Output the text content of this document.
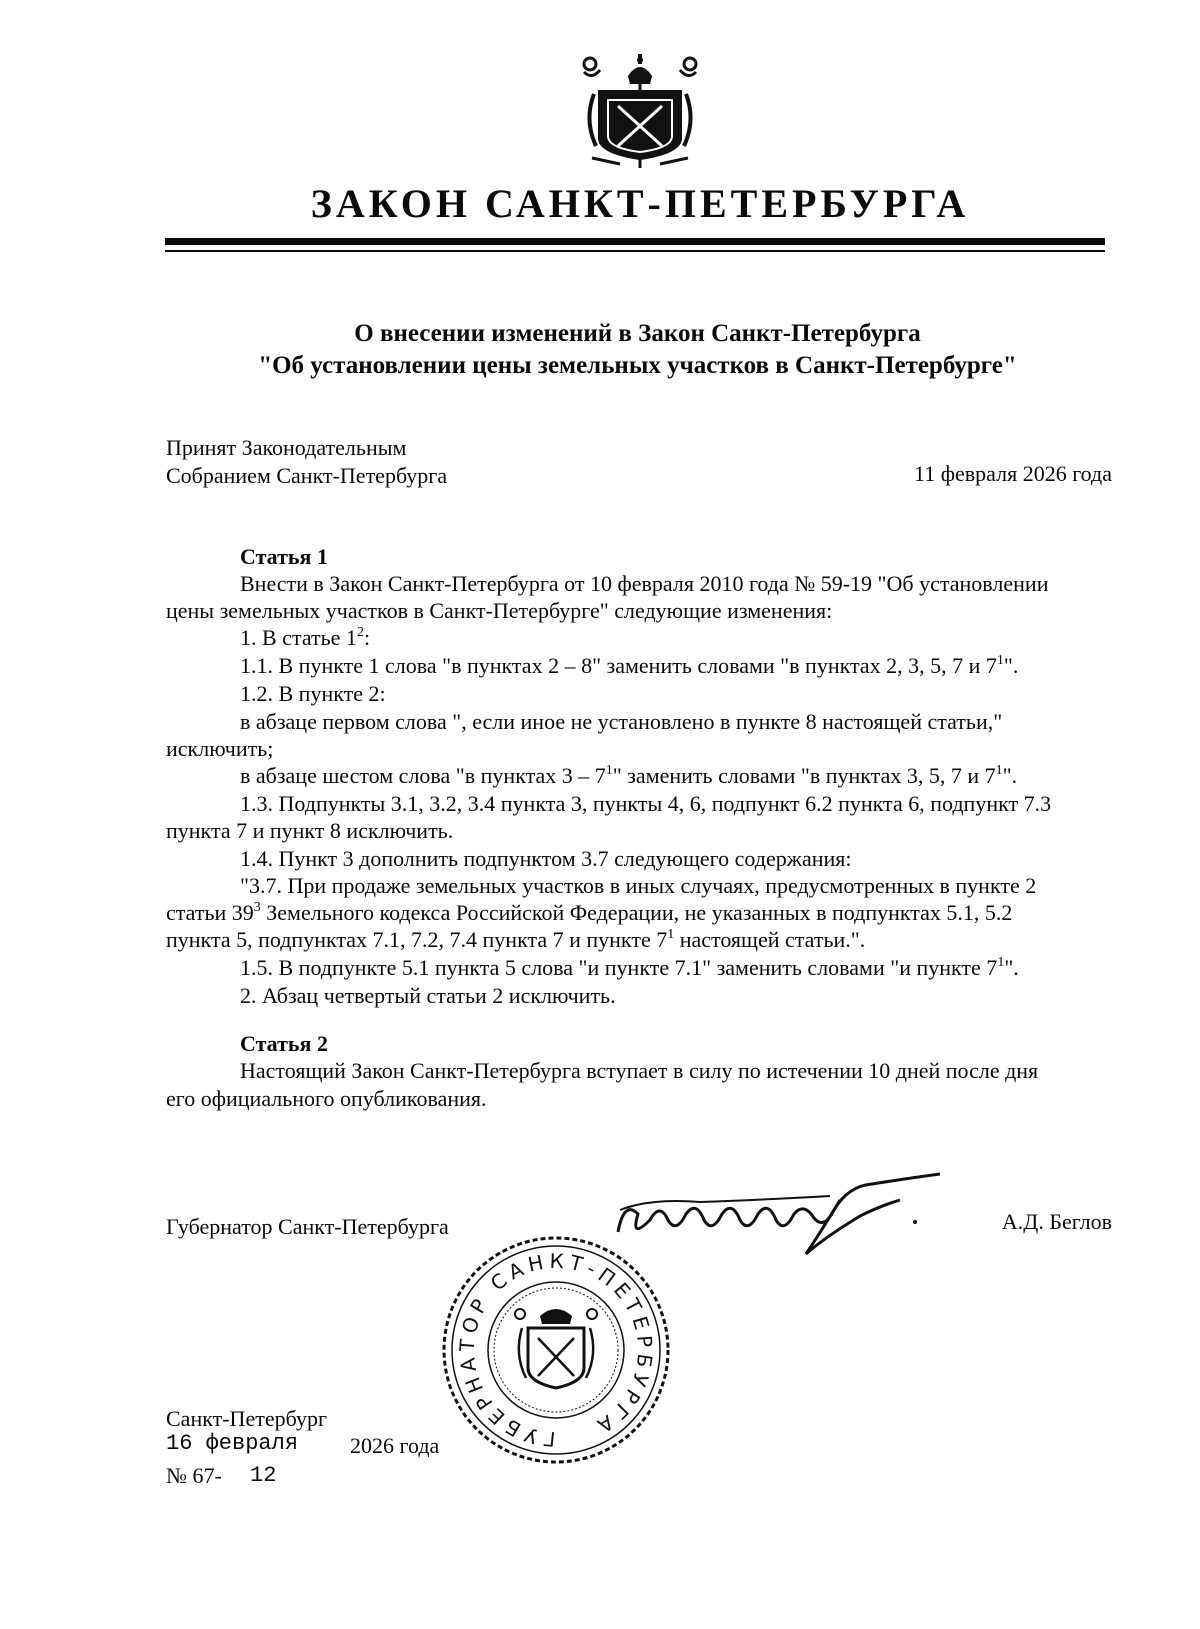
ЗАКОН САНКТ-ПЕТЕРБУРГА
О внесении изменений в Закон Санкт-Петербурга
"Об установлении цены земельных участков в Санкт-Петербурге"
Принят Законодательным
Собранием Санкт-Петербурга	11 февраля 2026 года
Статья 1
Внести в Закон Санкт-Петербурга от 10 февраля 2010 года № 59-19 "Об установлении
цены земельных участков в Санкт-Петербурге" следующие изменения:
1. В статье $1^2$:
1.1. В пункте 1 слова "в пунктах 2 – 8" заменить словами "в пунктах 2, 3, 5, 7 и $7^1$".
1.2. В пункте 2:
в абзаце первом слова ", если иное не установлено в пункте 8 настоящей статьи,"
исключить;
в абзаце шестом слова "в пунктах $3 - 7^1$" заменить словами "в пунктах 3, 5, 7 и $7^1$".
1.3. Подпункты 3.1, 3.2, 3.4 пункта 3, пункты 4, 6, подпункт 6.2 пункта 6, подпункт 7.3
пункта 7 и пункт 8 исключить.
1.4. Пункт 3 дополнить подпунктом 3.7 следующего содержания:
"3.7. При продаже земельных участков в иных случаях, предусмотренных в пункте 2
статьи $39^3$ Земельного кодекса Российской Федерации, не указанных в подпунктах 5.1, 5.2
пункта 5, подпунктах 7.1, 7.2, 7.4 пункта 7 и пункте $7^1$ настоящей статьи.".
1.5. В подпункте 5.1 пункта 5 слова "и пункте 7.1" заменить словами "и пункте $7^1$".
2. Абзац четвертый статьи 2 исключить.
Статья 2
Настоящий Закон Санкт-Петербурга вступает в силу по истечении 10 дней после дня
его официального опубликования.
Губернатор Санкт-Петербурга	А.Д. Беглов
ГУБЕРНАТОР САНКТ-ПЕТЕРБУРГА
Санкт-Петербург
16 февраля 2026 года
№ 67- 12
